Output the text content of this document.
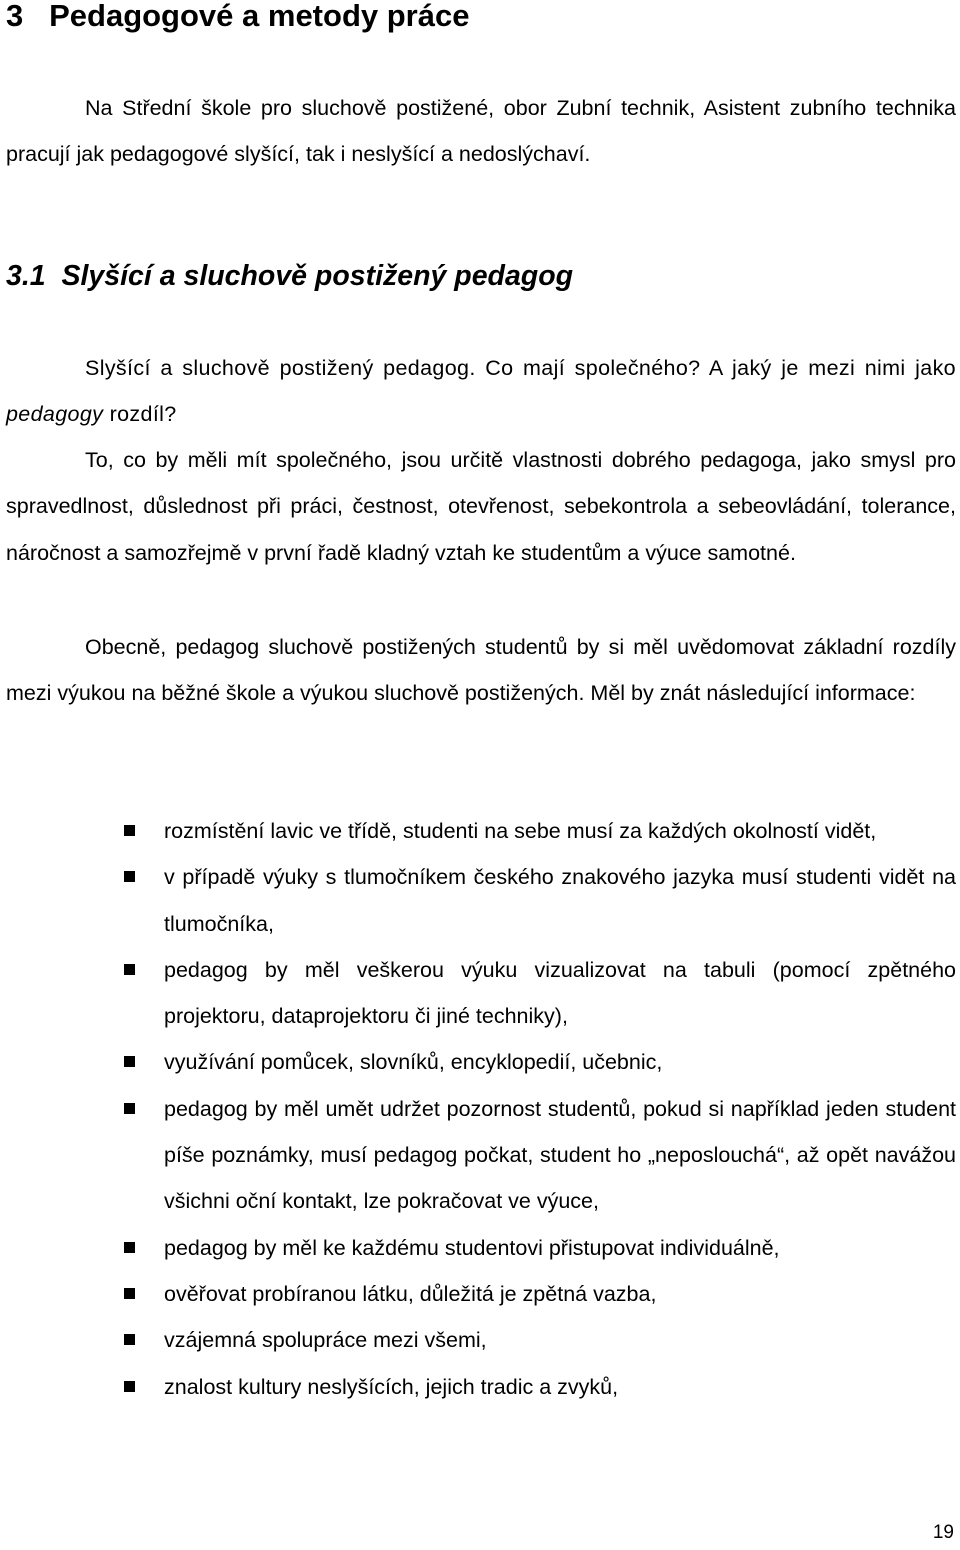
3 Pedagogové a metody práce

Na Střední škole pro sluchově postižené, obor Zubní technik, Asistent zubního technika pracují jak pedagogové slyšící, tak i neslyšící a nedoslýchaví.

3.1 Slyšící a sluchově postižený pedagog

Slyšící a sluchově postižený pedagog. Co mají společného? A jaký je mezi nimi jako pedagogy rozdíl?

To, co by měli mít společného, jsou určitě vlastnosti dobrého pedagoga, jako smysl pro spravedlnost, důslednost při práci, čestnost, otevřenost, sebekontrola a sebeovládání, tolerance, náročnost a samozřejmě v první řadě kladný vztah ke studentům a výuce samotné.

Obecně, pedagog sluchově postižených studentů by si měl uvědomovat základní rozdíly mezi výukou na běžné škole a výukou sluchově postižených. Měl by znát následující informace:

rozmístění lavic ve třídě, studenti na sebe musí za každých okolností vidět,
v případě výuky s tlumočníkem českého znakového jazyka musí studenti vidět na tlumočníka,
pedagog by měl veškerou výuku vizualizovat na tabuli (pomocí zpětného projektoru, dataprojektoru či jiné techniky),
využívání pomůcek, slovníků, encyklopedií, učebnic,
pedagog by měl umět udržet pozornost studentů, pokud si například jeden student píše poznámky, musí pedagog počkat, student ho „neposlouchá“, až opět navážou všichni oční kontakt, lze pokračovat ve výuce,
pedagog by měl ke každému studentovi přistupovat individuálně,
ověřovat probíranou látku, důležitá je zpětná vazba,
vzájemná spolupráce mezi všemi,
znalost kultury neslyšících, jejich tradic a zvyků,
19
